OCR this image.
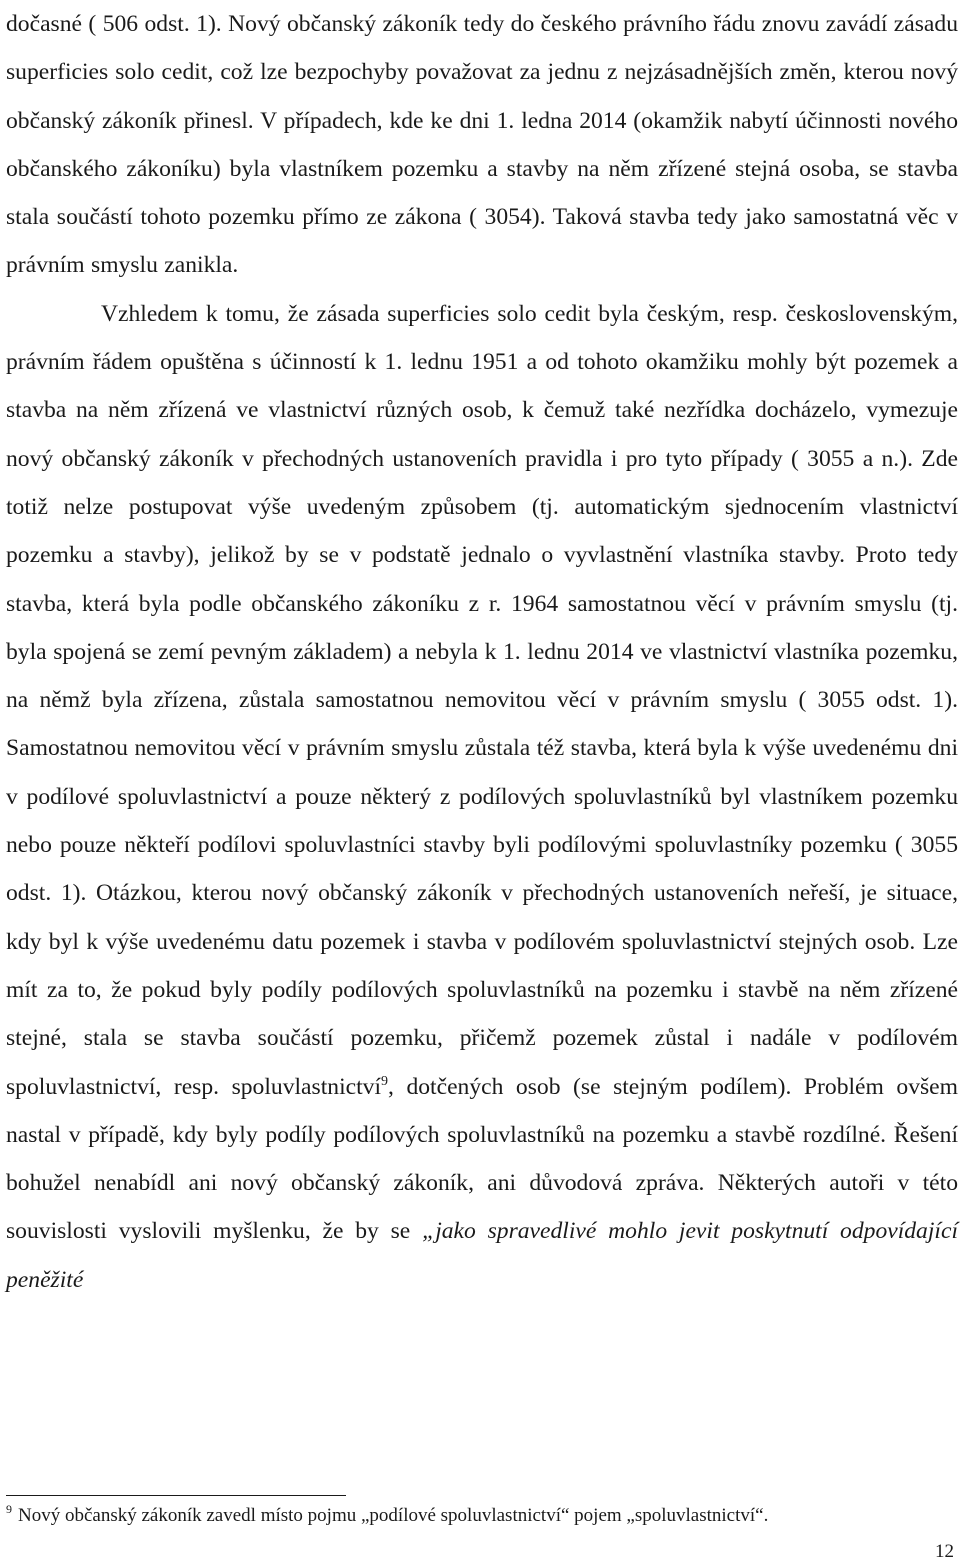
dočasné ( 506 odst. 1). Nový občanský zákoník tedy do českého právního řádu znovu zavádí zásadu superficies solo cedit, což lze bezpochyby považovat za jednu z nejzásadnějších změn, kterou nový občanský zákoník přinesl. V případech, kde ke dni 1. ledna 2014 (okamžik nabytí účinnosti nového občanského zákoníku) byla vlastníkem pozemku a stavby na něm zřízené stejná osoba, se stavba stala součástí tohoto pozemku přímo ze zákona ( 3054). Taková stavba tedy jako samostatná věc v právním smyslu zanikla.

Vzhledem k tomu, že zásada superficies solo cedit byla českým, resp. československým, právním řádem opuštěna s účinností k 1. lednu 1951 a od tohoto okamžiku mohly být pozemek a stavba na něm zřízená ve vlastnictví různých osob, k čemuž také nezřídka docházelo, vymezuje nový občanský zákoník v přechodných ustanoveních pravidla i pro tyto případy ( 3055 a n.). Zde totiž nelze postupovat výše uvedeným způsobem (tj. automatickým sjednocením vlastnictví pozemku a stavby), jelikož by se v podstatě jednalo o vyvlastnění vlastníka stavby. Proto tedy stavba, která byla podle občanského zákoníku z r. 1964 samostatnou věcí v právním smyslu (tj. byla spojená se zemí pevným základem) a nebyla k 1. lednu 2014 ve vlastnictví vlastníka pozemku, na němž byla zřízena, zůstala samostatnou nemovitou věcí v právním smyslu ( 3055 odst. 1). Samostatnou nemovitou věcí v právním smyslu zůstala též stavba, která byla k výše uvedenému dni v podílové spoluvlastnictví a pouze některý z podílových spoluvlastníků byl vlastníkem pozemku nebo pouze někteří podílovi spoluvlastníci stavby byli podílovými spoluvlastníky pozemku ( 3055 odst. 1). Otázkou, kterou nový občanský zákoník v přechodných ustanoveních neřeší, je situace, kdy byl k výše uvedenému datu pozemek i stavba v podílovém spoluvlastnictví stejných osob. Lze mít za to, že pokud byly podíly podílových spoluvlastníků na pozemku i stavbě na něm zřízené stejné, stala se stavba součástí pozemku, přičemž pozemek zůstal i nadále v podílovém spoluvlastnictví, resp. spoluvlastnictví$^9$, dotčených osob (se stejným podílem). Problém ovšem nastal v případě, kdy byly podíly podílových spoluvlastníků na pozemku a stavbě rozdílné. Řešení bohužel nenabídl ani nový občanský zákoník, ani důvodová zpráva. Některých autoři v této souvislosti vyslovili myšlenku, že by se „jako spravedlivé mohlo jevit poskytnutí odpovídající peněžité

$^9$ Nový občanský zákoník zavedl místo pojmu „podílové spoluvlastnictví“ pojem „spoluvlastnictví“.
12
